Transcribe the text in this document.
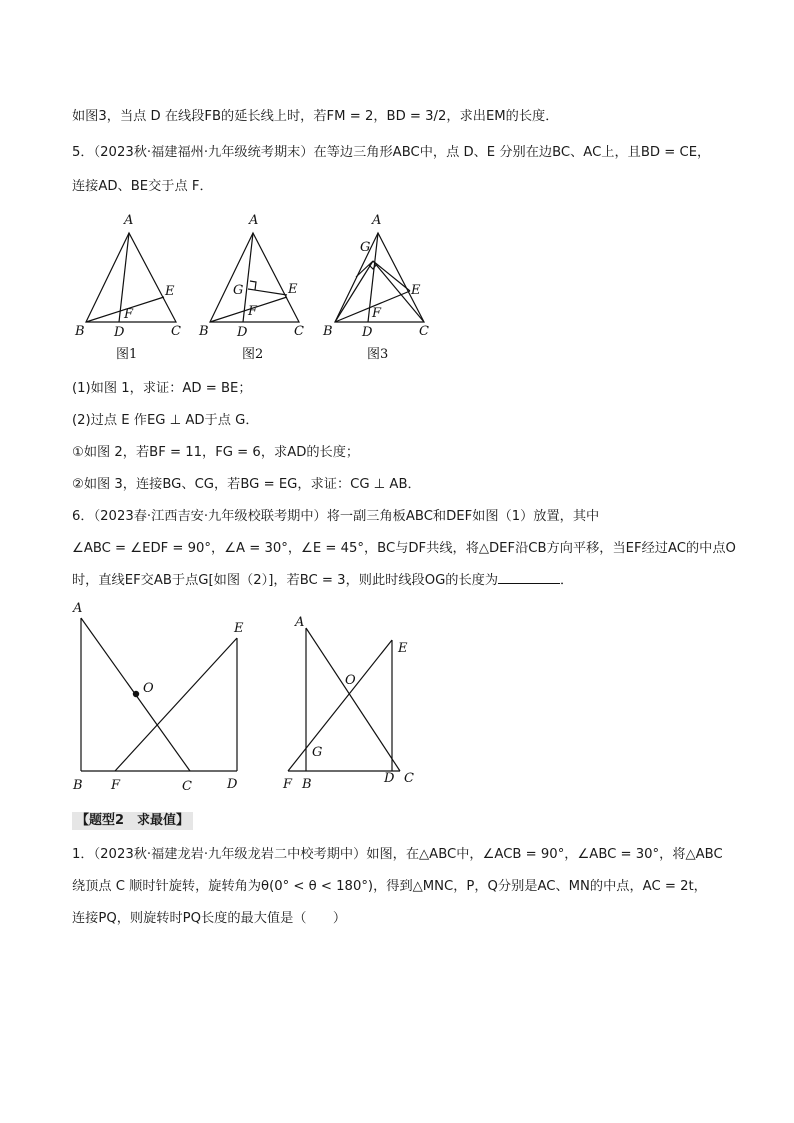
如图3，当点 D 在线段FB的延长线上时，若FM = 2，BD = 3/2，求出EM的长度．
5．（2023秋·福建福州·九年级统考期末）在等边三角形ABC中，点 D、E 分别在边BC、AC上，且BD = CE，
连接AD、BE交于点 F．
A
B	C
D
E
F
图1
A
B	C
D
E
F
G
图2
A
B	C
D
E
F
G
图3
(1)如图 1，求证：AD = BE；
(2)过点 E 作EG ⊥ AD于点 G．
①如图 2，若BF = 11，FG = 6，求AD的长度；
②如图 3，连接BG、CG，若BG = EG，求证：CG ⊥ AB．
6．（2023春·江西吉安·九年级校联考期中）将一副三角板ABC和DEF如图（1）放置，其中
∠ABC = ∠EDF = 90°，∠A = 30°，∠E = 45°，BC与DF共线，将△DEF沿CB方向平移，当EF经过AC的中点O
时，直线EF交AB于点G[如图（2）]，若BC = 3，则此时线段OG的长度为	．
A
B	C	D
E
F
O
A
B	C
D
E
F
G
O
【题型2　求最值】
1．（2023秋·福建龙岩·九年级龙岩二中校考期中）如图，在△ABC中，∠ACB = 90°，∠ABC = 30°，将△ABC
绕顶点 C 顺时针旋转，旋转角为θ(0° < θ < 180°)，得到△MNC，P，Q分别是AC、MN的中点，AC = 2t，
连接PQ，则旋转时PQ长度的最大值是（　　）
